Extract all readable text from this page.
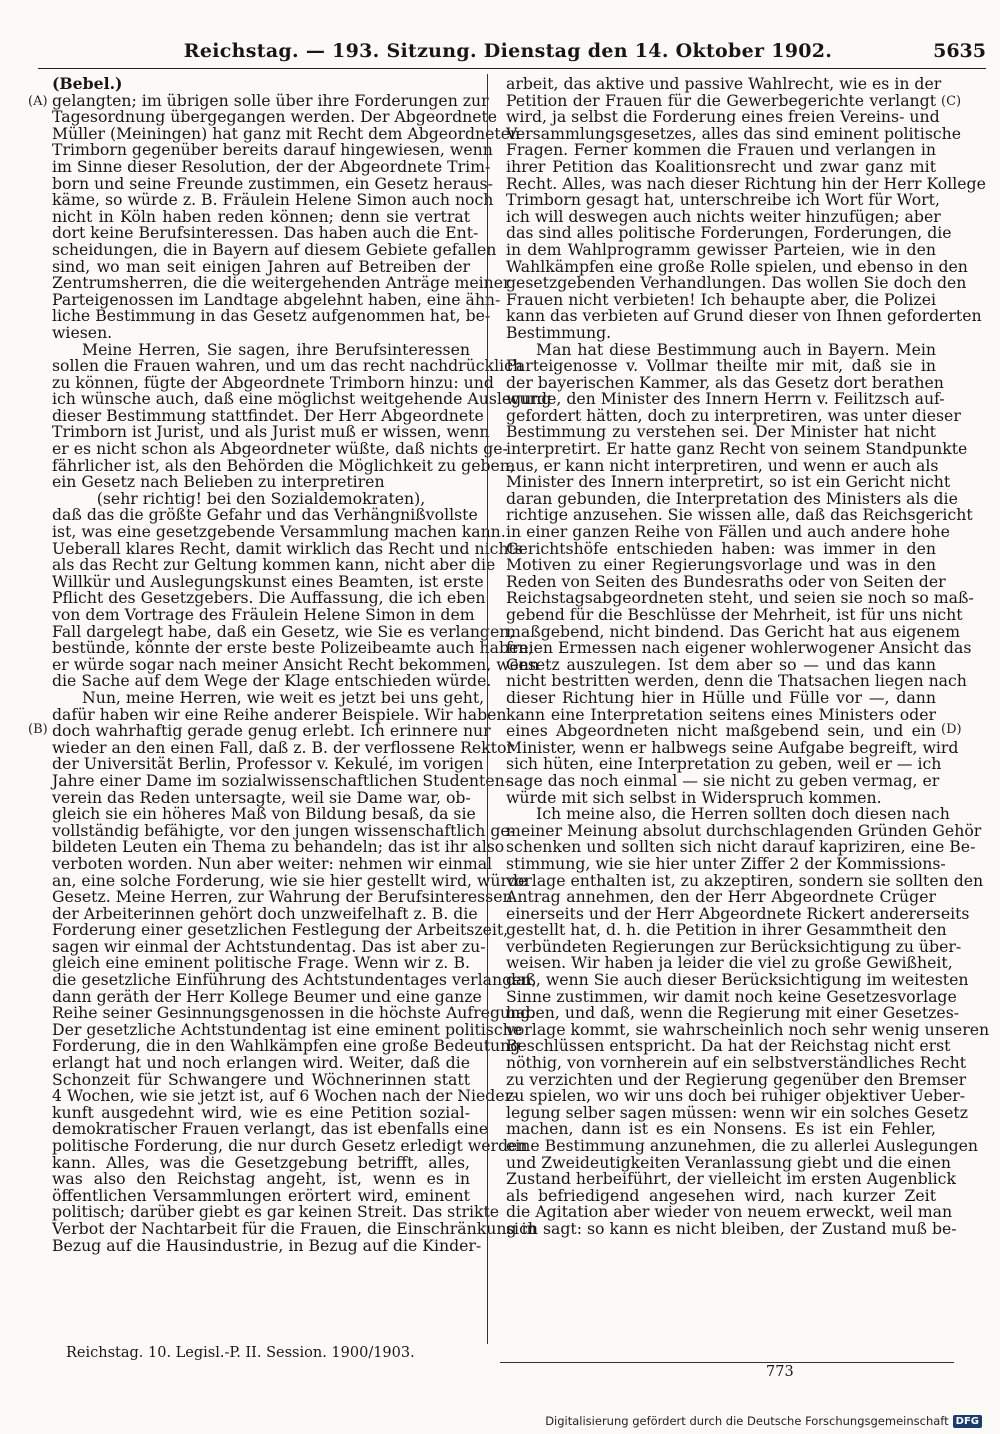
Reichstag. — 193. Sitzung. Dienstag den 14. Oktober 1902.	5635
(A)
(B)
(C)
(D)
(Bebel.)
gelangten; im übrigen solle über ihre Forderungen zur
Tagesordnung übergegangen werden. Der Abgeordnete
Müller (Meiningen) hat ganz mit Recht dem Abgeordneten
Trimborn gegenüber bereits darauf hingewiesen, wenn
im Sinne dieser Resolution, der der Abgeordnete Trim-
born und seine Freunde zustimmen, ein Gesetz heraus-
käme, so würde z. B. Fräulein Helene Simon auch noch
nicht in Köln haben reden können; denn sie vertrat
dort keine Berufsinteressen. Das haben auch die Ent-
scheidungen, die in Bayern auf diesem Gebiete gefallen
sind, wo man seit einigen Jahren auf Betreiben der
Zentrumsherren, die die weitergehenden Anträge meiner
Parteigenossen im Landtage abgelehnt haben, eine ähn-
liche Bestimmung in das Gesetz aufgenommen hat, be-
wiesen.
Meine Herren, Sie sagen, ihre Berufsinteressen
sollen die Frauen wahren, und um das recht nachdrücklich
zu können, fügte der Abgeordnete Trimborn hinzu: und
ich wünsche auch, daß eine möglichst weitgehende Auslegung
dieser Bestimmung stattfindet. Der Herr Abgeordnete
Trimborn ist Jurist, und als Jurist muß er wissen, wenn
er es nicht schon als Abgeordneter wüßte, daß nichts ge-
fährlicher ist, als den Behörden die Möglichkeit zu geben,
ein Gesetz nach Belieben zu interpretiren
(sehr richtig! bei den Sozialdemokraten),
daß das die größte Gefahr und das Verhängnißvollste
ist, was eine gesetzgebende Versammlung machen kann.
Ueberall klares Recht, damit wirklich das Recht und nichts
als das Recht zur Geltung kommen kann, nicht aber die
Willkür und Auslegungskunst eines Beamten, ist erste
Pflicht des Gesetzgebers. Die Auffassung, die ich eben
von dem Vortrage des Fräulein Helene Simon in dem
Fall dargelegt habe, daß ein Gesetz, wie Sie es verlangen,
bestünde, könnte der erste beste Polizeibeamte auch haben;
er würde sogar nach meiner Ansicht Recht bekommen, wenn
die Sache auf dem Wege der Klage entschieden würde.
Nun, meine Herren, wie weit es jetzt bei uns geht,
dafür haben wir eine Reihe anderer Beispiele. Wir haben
doch wahrhaftig gerade genug erlebt. Ich erinnere nur
wieder an den einen Fall, daß z. B. der verflossene Rektor
der Universität Berlin, Professor v. Kekulé, im vorigen
Jahre einer Dame im sozialwissenschaftlichen Studenten-
verein das Reden untersagte, weil sie Dame war, ob-
gleich sie ein höheres Maß von Bildung besaß, da sie
vollständig befähigte, vor den jungen wissenschaftlich ge-
bildeten Leuten ein Thema zu behandeln; das ist ihr also
verboten worden. Nun aber weiter: nehmen wir einmal
an, eine solche Forderung, wie sie hier gestellt wird, würde
Gesetz. Meine Herren, zur Wahrung der Berufsinteressen
der Arbeiterinnen gehört doch unzweifelhaft z. B. die
Forderung einer gesetzlichen Festlegung der Arbeitszeit,
sagen wir einmal der Achtstundentag. Das ist aber zu-
gleich eine eminent politische Frage. Wenn wir z. B.
die gesetzliche Einführung des Achtstundentages verlangen,
dann geräth der Herr Kollege Beumer und eine ganze
Reihe seiner Gesinnungsgenossen in die höchste Aufregung.
Der gesetzliche Achtstundentag ist eine eminent politische
Forderung, die in den Wahlkämpfen eine große Bedeutung
erlangt hat und noch erlangen wird. Weiter, daß die
Schonzeit für Schwangere und Wöchnerinnen statt
4 Wochen, wie sie jetzt ist, auf 6 Wochen nach der Nieder-
kunft ausgedehnt wird, wie es eine Petition sozial-
demokratischer Frauen verlangt, das ist ebenfalls eine
politische Forderung, die nur durch Gesetz erledigt werden
kann. Alles, was die Gesetzgebung betrifft, alles,
was also den Reichstag angeht, ist, wenn es in
öffentlichen Versammlungen erörtert wird, eminent
politisch; darüber giebt es gar keinen Streit. Das strikte
Verbot der Nachtarbeit für die Frauen, die Einschränkung in
Bezug auf die Hausindustrie, in Bezug auf die Kinder-
arbeit, das aktive und passive Wahlrecht, wie es in der
Petition der Frauen für die Gewerbegerichte verlangt
wird, ja selbst die Forderung eines freien Vereins- und
Versammlungsgesetzes, alles das sind eminent politische
Fragen. Ferner kommen die Frauen und verlangen in
ihrer Petition das Koalitionsrecht und zwar ganz mit
Recht. Alles, was nach dieser Richtung hin der Herr Kollege
Trimborn gesagt hat, unterschreibe ich Wort für Wort,
ich will deswegen auch nichts weiter hinzufügen; aber
das sind alles politische Forderungen, Forderungen, die
in dem Wahlprogramm gewisser Parteien, wie in den
Wahlkämpfen eine große Rolle spielen, und ebenso in den
gesetzgebenden Verhandlungen. Das wollen Sie doch den
Frauen nicht verbieten! Ich behaupte aber, die Polizei
kann das verbieten auf Grund dieser von Ihnen geforderten
Bestimmung.
Man hat diese Bestimmung auch in Bayern. Mein
Parteigenosse v. Vollmar theilte mir mit, daß sie in
der bayerischen Kammer, als das Gesetz dort berathen
wurde, den Minister des Innern Herrn v. Feilitzsch auf-
gefordert hätten, doch zu interpretiren, was unter dieser
Bestimmung zu verstehen sei. Der Minister hat nicht
interpretirt. Er hatte ganz Recht von seinem Standpunkte
aus, er kann nicht interpretiren, und wenn er auch als
Minister des Innern interpretirt, so ist ein Gericht nicht
daran gebunden, die Interpretation des Ministers als die
richtige anzusehen. Sie wissen alle, daß das Reichsgericht
in einer ganzen Reihe von Fällen und auch andere hohe
Gerichtshöfe entschieden haben: was immer in den
Motiven zu einer Regierungsvorlage und was in den
Reden von Seiten des Bundesraths oder von Seiten der
Reichstagsabgeordneten steht, und seien sie noch so maß-
gebend für die Beschlüsse der Mehrheit, ist für uns nicht
maßgebend, nicht bindend. Das Gericht hat aus eigenem
freien Ermessen nach eigener wohlerwogener Ansicht das
Gesetz auszulegen. Ist dem aber so — und das kann
nicht bestritten werden, denn die Thatsachen liegen nach
dieser Richtung hier in Hülle und Fülle vor —, dann
kann eine Interpretation seitens eines Ministers oder
eines Abgeordneten nicht maßgebend sein, und ein
Minister, wenn er halbwegs seine Aufgabe begreift, wird
sich hüten, eine Interpretation zu geben, weil er — ich
sage das noch einmal — sie nicht zu geben vermag, er
würde mit sich selbst in Widerspruch kommen.
Ich meine also, die Herren sollten doch diesen nach
meiner Meinung absolut durchschlagenden Gründen Gehör
schenken und sollten sich nicht darauf kapriziren, eine Be-
stimmung, wie sie hier unter Ziffer 2 der Kommissions-
vorlage enthalten ist, zu akzeptiren, sondern sie sollten den
Antrag annehmen, den der Herr Abgeordnete Crüger
einerseits und der Herr Abgeordnete Rickert andererseits
gestellt hat, d. h. die Petition in ihrer Gesammtheit den
verbündeten Regierungen zur Berücksichtigung zu über-
weisen. Wir haben ja leider die viel zu große Gewißheit,
daß, wenn Sie auch dieser Berücksichtigung im weitesten
Sinne zustimmen, wir damit noch keine Gesetzesvorlage
haben, und daß, wenn die Regierung mit einer Gesetzes-
vorlage kommt, sie wahrscheinlich noch sehr wenig unseren
Beschlüssen entspricht. Da hat der Reichstag nicht erst
nöthig, von vornherein auf ein selbstverständliches Recht
zu verzichten und der Regierung gegenüber den Bremser
zu spielen, wo wir uns doch bei ruhiger objektiver Ueber-
legung selber sagen müssen: wenn wir ein solches Gesetz
machen, dann ist es ein Nonsens. Es ist ein Fehler,
eine Bestimmung anzunehmen, die zu allerlei Auslegungen
und Zweideutigkeiten Veranlassung giebt und die einen
Zustand herbeiführt, der vielleicht im ersten Augenblick
als befriedigend angesehen wird, nach kurzer Zeit
die Agitation aber wieder von neuem erweckt, weil man
sich sagt: so kann es nicht bleiben, der Zustand muß be-
Reichstag. 10. Legisl.-P. II. Session. 1900/1903.
773
Digitalisierung gefördert durch die Deutsche Forschungsgemeinschaft DFG
